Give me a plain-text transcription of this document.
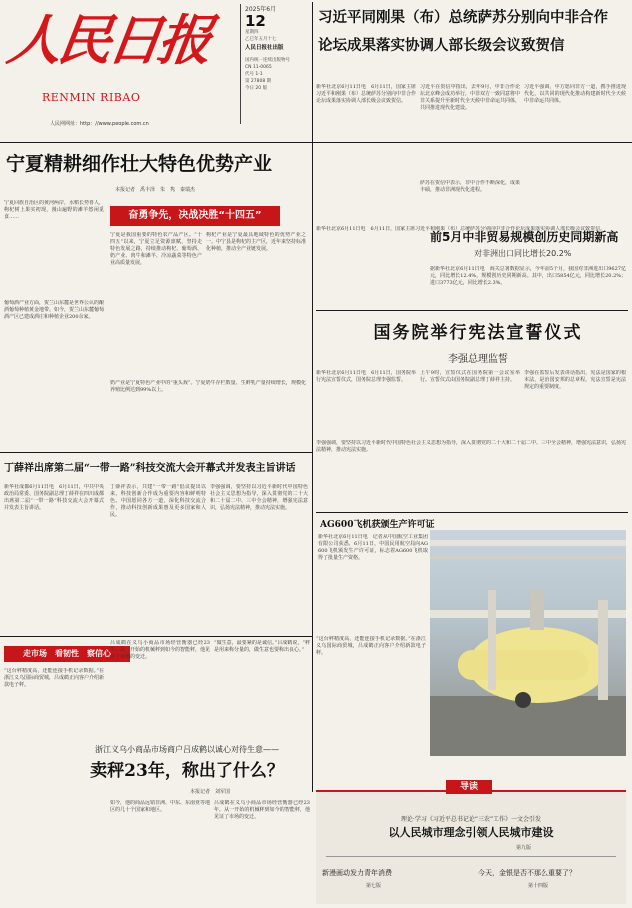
人民日报
RENMIN RIBAO
人民网网址：http：//www.people.com.cn
2025年6月
12
星期四
乙巳年五月十七
人民日报社出版
国内统一连续出版物号
CN 11-0065
代号 1-1
第 27808 期
今日 20 版
习近平同刚果（布）总统萨苏分别向中非合作
论坛成果落实协调人部长级会议致贺信
新华社北京6月11日电　6月11日，国家主席习近平和刚果（布）总统萨苏分别向中非合作论坛成果落实协调人部长级会议致贺信。
习近平在贺信中指出，去年9月，中非合作论坛北京峰会成功举行，中非双方一致同意将中非关系提升至新时代全天候中非命运共同体，共同推进现代化建设。
习近平强调，中方愿同非方一道，携手推进现代化，以共同的现代化推动构建新时代全天候中非命运共同体。
萨苏在贺信中表示，非中合作不断深化，成果丰硕，推动非洲现代化进程。
宁夏精耕细作壮大特色优势产业
本报记者　禹丰泽　朱　隽　秦瑞杰
奋勇争先，决战决胜“十四五”
宁夏回族自治区的黄河两岸，水稻长势喜人，枸杞树上果实初现，漫山遍野的滩羊悠闲觅食……
宁夏是我国重要的特色农产品产区。“十四五”以来，宁夏立足资源禀赋，坚持走特色发展之路，持续推动枸杞、葡萄酒、奶产业、肉牛和滩羊、冷凉蔬菜等特色产业高质量发展。
枸杞产业是宁夏最具地域特色的优势产业之一。中宁县是枸杞的主产区，近年来坚持标准化种植，推动全产业链发展。
葡萄酒产业方面，贺兰山东麓是世界公认的酿酒葡萄种植黄金地带。如今，贺兰山东麓葡萄酒产区已建成酒庄和种植企业200余家。
奶产业是宁夏特色产业中的“重头戏”。宁夏奶牛存栏数量、生鲜乳产量持续增长，规模化养殖比例达到99%以上。
新华社北京6月11日电　6月11日，国家主席习近平和刚果（布）总统萨苏分别向中非合作论坛成果落实协调人部长级会议致贺信。
前5月中非贸易规模创历史同期新高
对非洲出口同比增长20.2%
据新华社北京6月11日电　海关总署数据显示，今年前5个月，我国对非洲进出口9627亿元，同比增长12.4%，规模创历史同期新高。其中，出口5854亿元，同比增长20.2%；进口3773亿元，同比增长2.3%。
国务院举行宪法宣誓仪式
李强总理监誓
新华社北京6月11日电　6月11日，国务院举行宪法宣誓仪式，国务院总理李强监誓。
上午9时，宣誓仪式在国务院第一会议室举行。宣誓仪式由国务院副总理丁薛祥主持。
李强在监誓后发表讲话指出，宪法是国家的根本法，是治国安邦的总章程。宪法宣誓是宪法规定的重要制度。
李强强调，要坚持以习近平新时代中国特色社会主义思想为指导，深入贯彻党的二十大和二十届二中、三中全会精神，增强宪法意识，弘扬宪法精神，推动宪法实施。
丁薛祥出席第二届“一带一路”科技交流大会开幕式并发表主旨讲话
新华社成都6月11日电　6月11日，中共中央政治局常委、国务院副总理丁薛祥在四川成都出席第二届“一带一路”科技交流大会开幕式并发表主旨讲话。
丁薛祥表示，共建“一带一路”倡议提出以来，科技创新合作成为重要内容和鲜明特色。中国愿同各方一道，深化科技交流合作，推动科技创新成果惠及更多国家和人民。
李强强调，要坚持以习近平新时代中国特色社会主义思想为指导，深入贯彻党的二十大和二十届二中、三中全会精神，增强宪法意识，弘扬宪法精神，推动宪法实施。
AG600飞机获颁生产许可证
新华社北京6月11日电　记者从中国航空工业集团有限公司获悉，6月11日，中国民用航空局向AG600飞机颁发生产许可证，标志着AG600飞机取得了批量生产资格。
走市场　看韧性　察信心
“这台秤精度高，还能连接手机记录数据。”在浙江义乌国际商贸城，吕成鹤正向客户介绍新款电子秤。
浙江义乌小商品市场商户吕成鹤以诚心对待生意——
卖秤23年，称出了什么？
本报记者　刘军国
吕成鹤在义乌小商品市场经营衡器已经23年。从一开始的机械秤到如今的智能秤，他见证了市场的变迁。
“做生意，最要紧的是诚信。”吕成鹤说，“秤是用来称分量的，做生意也要称出良心。”
如今，他的商品远销非洲、中东、东南亚等地区的几十个国家和地区。
吕成鹤在义乌小商品市场经营衡器已经23年。从一开始的机械秤到如今的智能秤，他见证了市场的变迁。
“这台秤精度高，还能连接手机记录数据。”在浙江义乌国际商贸城，吕成鹤正向客户介绍新款电子秤。
导读
理论·学习《习近平总书记论“三农”工作》一文会引发
以人民城市理念引领人民城市建设
第九版
新漫画动发力青年消费
第七版
今天，金银是否不那么重要了？
第十四版
